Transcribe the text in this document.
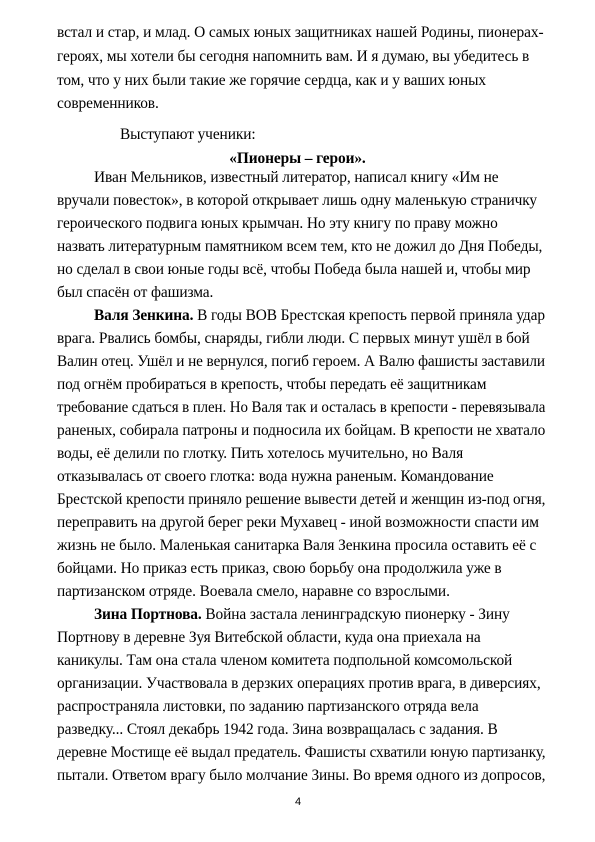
встал и стар, и млад. О самых юных защитниках нашей Родины, пионерах-
героях, мы хотели бы сегодня напомнить вам. И я думаю, вы убедитесь в
том, что у них были такие же горячие сердца, как и у ваших юных
современников.
Выступают ученики:
«Пионеры – герои».
Иван Мельников, известный литератор, написал книгу «Им не
вручали повесток», в которой открывает лишь одну маленькую страничку
героического подвига юных крымчан. Но эту книгу по праву можно
назвать литературным памятником всем тем, кто не дожил до Дня Победы,
но сделал в свои юные годы всё, чтобы Победа была нашей и, чтобы мир
был спасён от фашизма.
Валя Зенкина. В годы ВОВ Брестская крепость первой приняла удар
врага. Рвались бомбы, снаряды, гибли люди. С первых минут ушёл в бой
Валин отец. Ушёл и не вернулся, погиб героем. А Валю фашисты заставили
под огнём пробираться в крепость, чтобы передать её защитникам
требование сдаться в плен. Но Валя так и осталась в крепости - перевязывала
раненых, собирала патроны и подносила их бойцам. В крепости не хватало
воды, её делили по глотку. Пить хотелось мучительно, но Валя
отказывалась от своего глотка: вода нужна раненым. Командование
Брестской крепости приняло решение вывести детей и женщин из-под огня,
переправить на другой берег реки Мухавец - иной возможности спасти им
жизнь не было. Маленькая санитарка Валя Зенкина просила оставить её с
бойцами. Но приказ есть приказ, свою борьбу она продолжила уже в
партизанском отряде. Воевала смело, наравне со взрослыми.
Зина Портнова. Война застала ленинградскую пионерку - Зину
Портнову в деревне Зуя Витебской области, куда она приехала на
каникулы. Там она стала членом комитета подпольной комсомольской
организации. Участвовала в дерзких операциях против врага, в диверсиях,
распространяла листовки, по заданию партизанского отряда вела
разведку... Стоял декабрь 1942 года. Зина возвращалась с задания. В
деревне Мостище её выдал предатель. Фашисты схватили юную партизанку,
пытали. Ответом врагу было молчание Зины. Во время одного из допросов,
4
